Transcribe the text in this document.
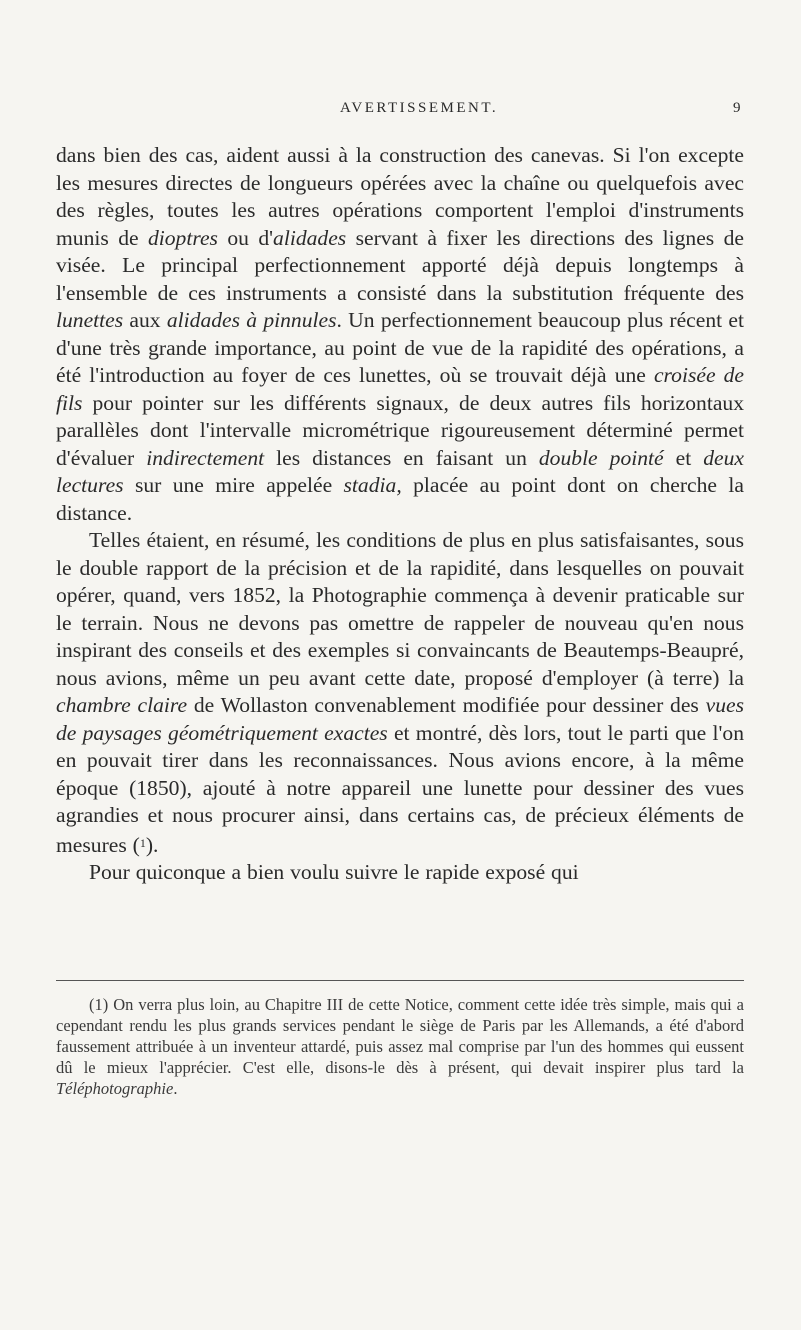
AVERTISSEMENT.	9

dans bien des cas, aident aussi à la construction des canevas. Si l'on excepte les mesures directes de longueurs opérées avec la chaîne ou quelquefois avec des règles, toutes les autres opérations comportent l'emploi d'instruments munis de dioptres ou d'alidades servant à fixer les directions des lignes de visée. Le principal perfectionnement apporté déjà depuis longtemps à l'ensemble de ces instruments a consisté dans la substitution fréquente des lunettes aux alidades à pinnules. Un perfectionnement beaucoup plus récent et d'une très grande importance, au point de vue de la rapidité des opérations, a été l'introduction au foyer de ces lunettes, où se trouvait déjà une croisée de fils pour pointer sur les différents signaux, de deux autres fils horizontaux parallèles dont l'intervalle micrométrique rigoureusement déterminé permet d'évaluer indirectement les distances en faisant un double pointé et deux lectures sur une mire appelée stadia, placée au point dont on cherche la distance.

Telles étaient, en résumé, les conditions de plus en plus satisfaisantes, sous le double rapport de la précision et de la rapidité, dans lesquelles on pouvait opérer, quand, vers 1852, la Photographie commença à devenir praticable sur le terrain. Nous ne devons pas omettre de rappeler de nouveau qu'en nous inspirant des conseils et des exemples si convaincants de Beautemps-Beaupré, nous avions, même un peu avant cette date, proposé d'employer (à terre) la chambre claire de Wollaston convenablement modifiée pour dessiner des vues de paysages géométriquement exactes et montré, dès lors, tout le parti que l'on en pouvait tirer dans les reconnaissances. Nous avions encore, à la même époque (1850), ajouté à notre appareil une lunette pour dessiner des vues agrandies et nous procurer ainsi, dans certains cas, de précieux éléments de mesures ($^1$).

Pour quiconque a bien voulu suivre le rapide exposé qui

(1) On verra plus loin, au Chapitre III de cette Notice, comment cette idée très simple, mais qui a cependant rendu les plus grands services pendant le siège de Paris par les Allemands, a été d'abord faussement attribuée à un inventeur attardé, puis assez mal comprise par l'un des hommes qui eussent dû le mieux l'apprécier. C'est elle, disons-le dès à présent, qui devait inspirer plus tard la Téléphotographie.
